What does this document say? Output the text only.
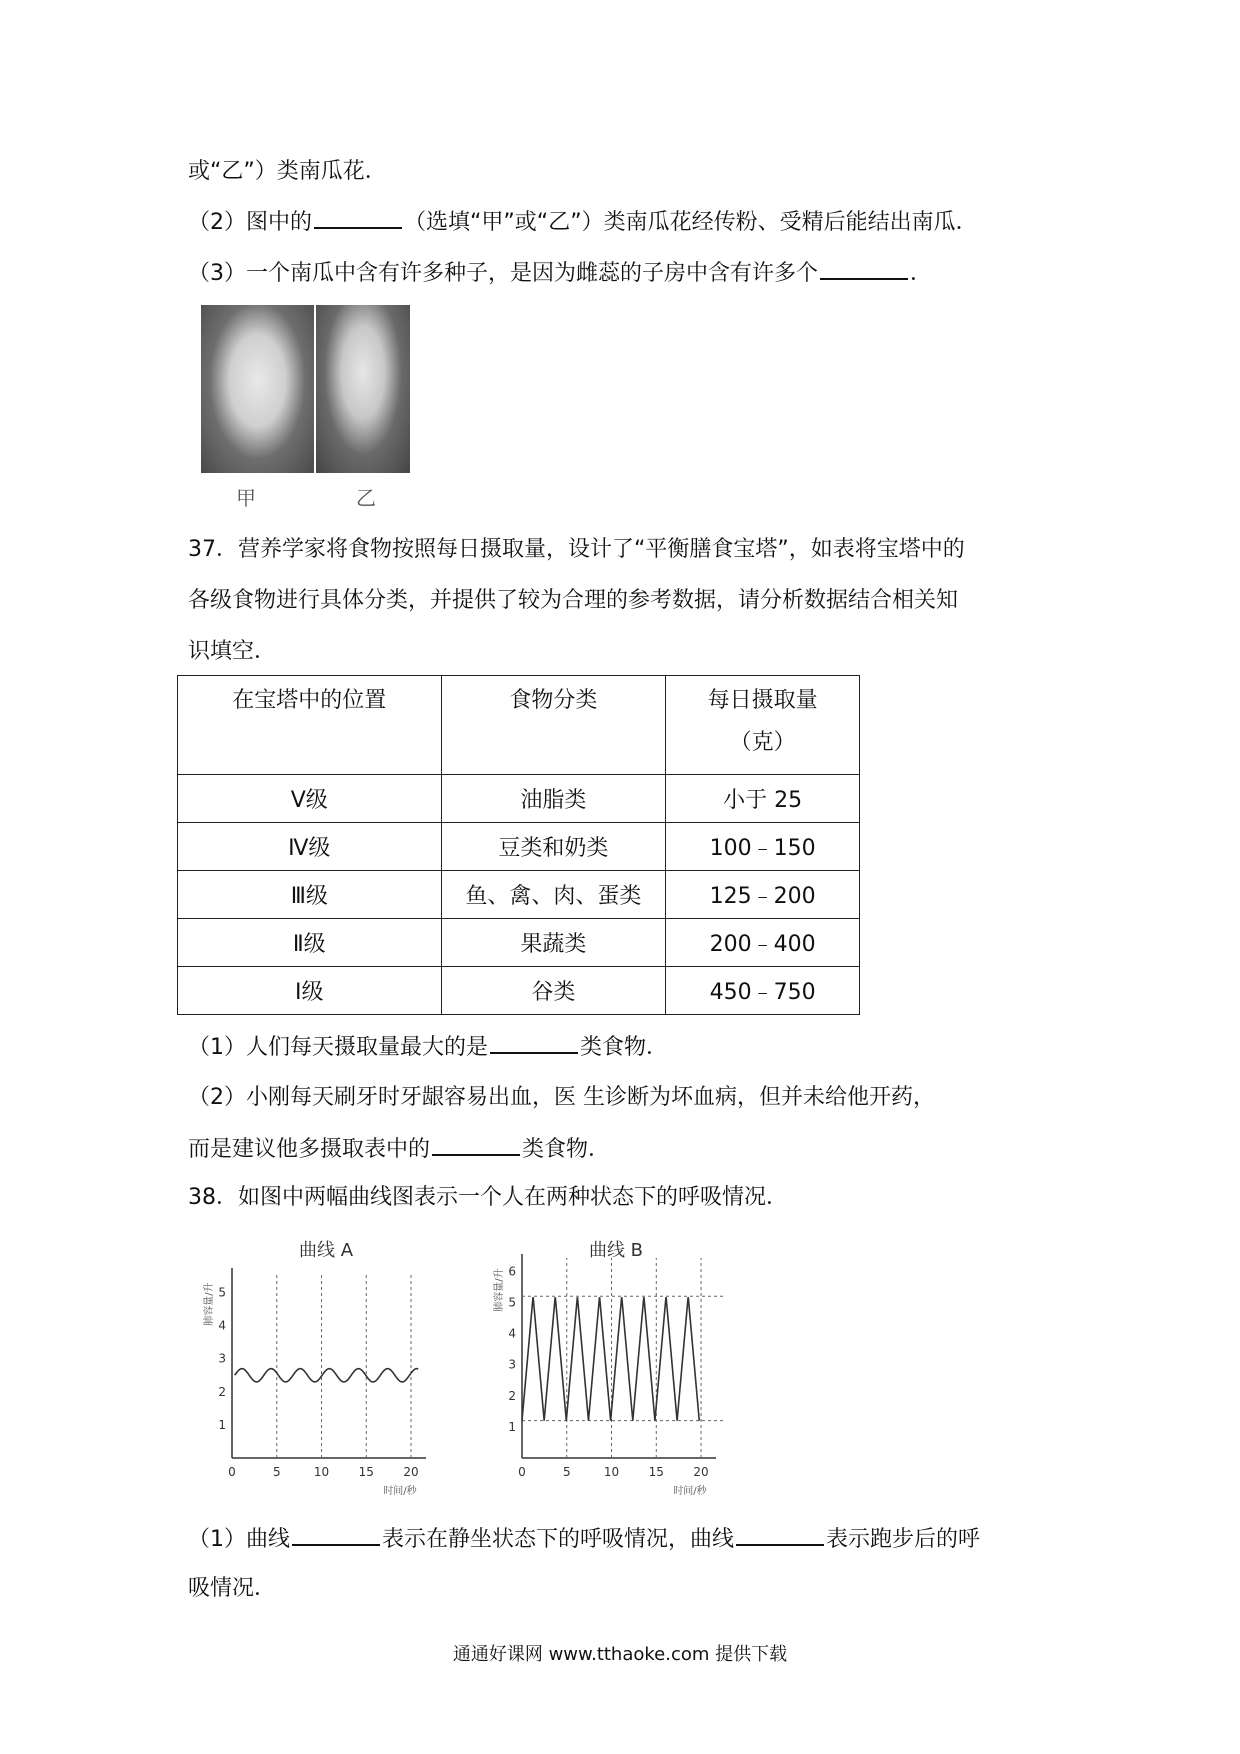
或“乙”）类南瓜花．
（2）图中的	（选填“甲”或“乙”）类南瓜花经传粉、受精后能结出南瓜．
（3）一个南瓜中含有许多种子，是因为雌蕊的子房中含有许多个	．
甲	乙
37．营养学家将食物按照每日摄取量，设计了“平衡膳食宝塔”，如表将宝塔中的
各级食物进行具体分类，并提供了较为合理的参考数据，请分析数据结合相关知
识填空．
在宝塔中的位置	食物分类	每日摄取量
（克）

Ⅴ级	油脂类	小于 25
Ⅳ级	豆类和奶类	100﹣150
Ⅲ级	鱼、禽、肉、蛋类	125﹣200
Ⅱ级	果蔬类	200﹣400
Ⅰ级	谷类	450﹣750
（1）人们每天摄取量最大的是	类食物．
（2）小刚每天刷牙时牙龈容易出血，医 生诊断为坏血病，但并未给他开药，
而是建议他多摄取表中的	类食物．
38．如图中两幅曲线图表示一个人在两种状态下的呼吸情况．
曲线 A
肺容量/升
0	5	10 15 20
时间/秒
1
2
3
4
5
曲线 B
肺容量/升
0	5	10 15 20
时间/秒
1
2
3
4
5
6
（1）曲线	表示在静坐状态下的呼吸情况，曲线	表示跑步后的呼
吸情况．
通通好课网 www.tthaoke.com 提供下载
